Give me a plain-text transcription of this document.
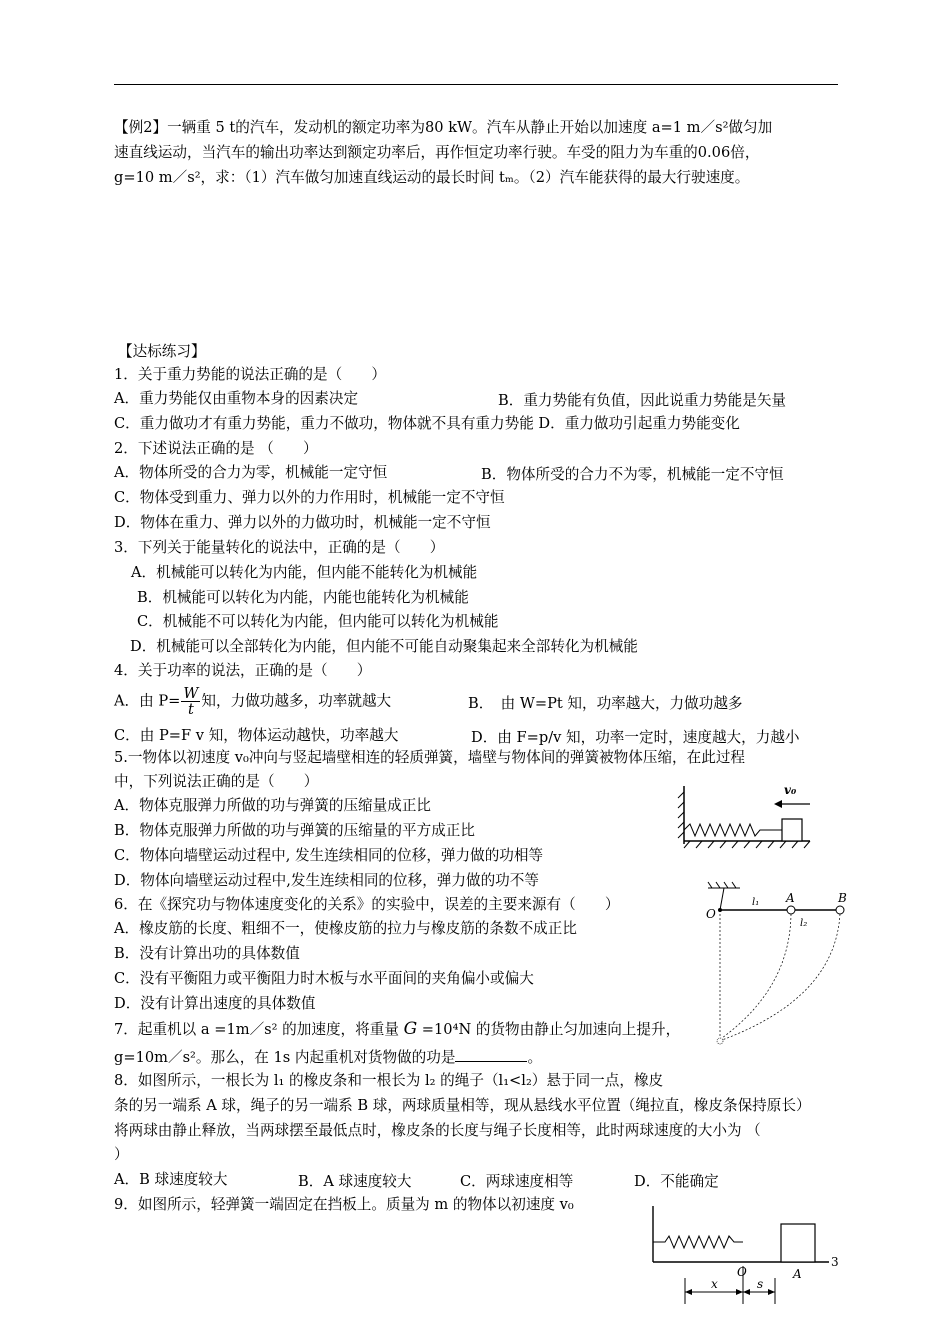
【例2】一辆重 5 t的汽车，发动机的额定功率为80 kW。汽车从静止开始以加速度 a=1 m／s²做匀加
速直线运动，当汽车的输出功率达到额定功率后，再作恒定功率行驶。车受的阻力为车重的0.06倍，
g=10 m／s²，求：（1）汽车做匀加速直线运动的最长时间 tₘ。（2）汽车能获得的最大行驶速度。
【达标练习】
1．关于重力势能的说法正确的是（　　）
A．重力势能仅由重物本身的因素决定	B．重力势能有负值，因此说重力势能是矢量
C．重力做功才有重力势能，重力不做功，物体就不具有重力势能 D．重力做功引起重力势能变化
2．下述说法正确的是 （　　）
A．物体所受的合力为零，机械能一定守恒	B．物体所受的合力不为零，机械能一定不守恒
C．物体受到重力、弹力以外的力作用时，机械能一定不守恒
D．物体在重力、弹力以外的力做功时，机械能一定不守恒
3．下列关于能量转化的说法中，正确的是（　　）
A．机械能可以转化为内能，但内能不能转化为机械能
B．机械能可以转化为内能，内能也能转化为机械能
C．机械能不可以转化为内能，但内能可以转化为机械能
D．机械能可以全部转化为内能，但内能不可能自动聚集起来全部转化为机械能
4．关于功率的说法，正确的是（　　）
A．由 $P= \frac{W}{t}$ 知，力做功越多，功率就越大	B．　由 W=Pt 知，功率越大，力做功越多
C．由 P=F v 知，物体运动越快，功率越大	D．由 F=p/v 知，功率一定时，速度越大，力越小
5.一物体以初速度 v₀冲向与竖起墙壁相连的轻质弹簧，墙壁与物体间的弹簧被物体压缩，在此过程
中，下列说法正确的是（　　）
A．物体克服弹力所做的功与弹簧的压缩量成正比
B．物体克服弹力所做的功与弹簧的压缩量的平方成正比
C．物体向墙壁运动过程中, 发生连续相同的位移，弹力做的功相等
D．物体向墙壁运动过程中,发生连续相同的位移，弹力做的功不等
v₀
6．在《探究功与物体速度变化的关系》的实验中，误差的主要来源有（　　）
A．橡皮筋的长度、粗细不一，使橡皮筋的拉力与橡皮筋的条数不成正比
B．没有计算出功的具体数值
C．没有平衡阻力或平衡阻力时木板与水平面间的夹角偏小或偏大
D．没有计算出速度的具体数值
O
A	B
l₁
l₂
7．起重机以 a =1m／s² 的加速度，将重量 G =10⁴N 的货物由静止匀加速向上提升，
g=10m／s²。那么，在 1s 内起重机对货物做的功是	。
8．如图所示，一根长为 l₁ 的橡皮条和一根长为 l₂ 的绳子（l₁<l₂）悬于同一点，橡皮
条的另一端系 A 球，绳子的另一端系 B 球，两球质量相等，现从悬线水平位置（绳拉直，橡皮条保持原长）
将两球由静止释放，当两球摆至最低点时，橡皮条的长度与绳子长度相等，此时两球速度的大小为 （
）
A．B 球速度较大	B．A 球速度较大	C．两球速度相等	D．不能确定
9．如图所示，轻弹簧一端固定在挡板上。质量为 m 的物体以初速度 v₀
3
O	A
x	s
